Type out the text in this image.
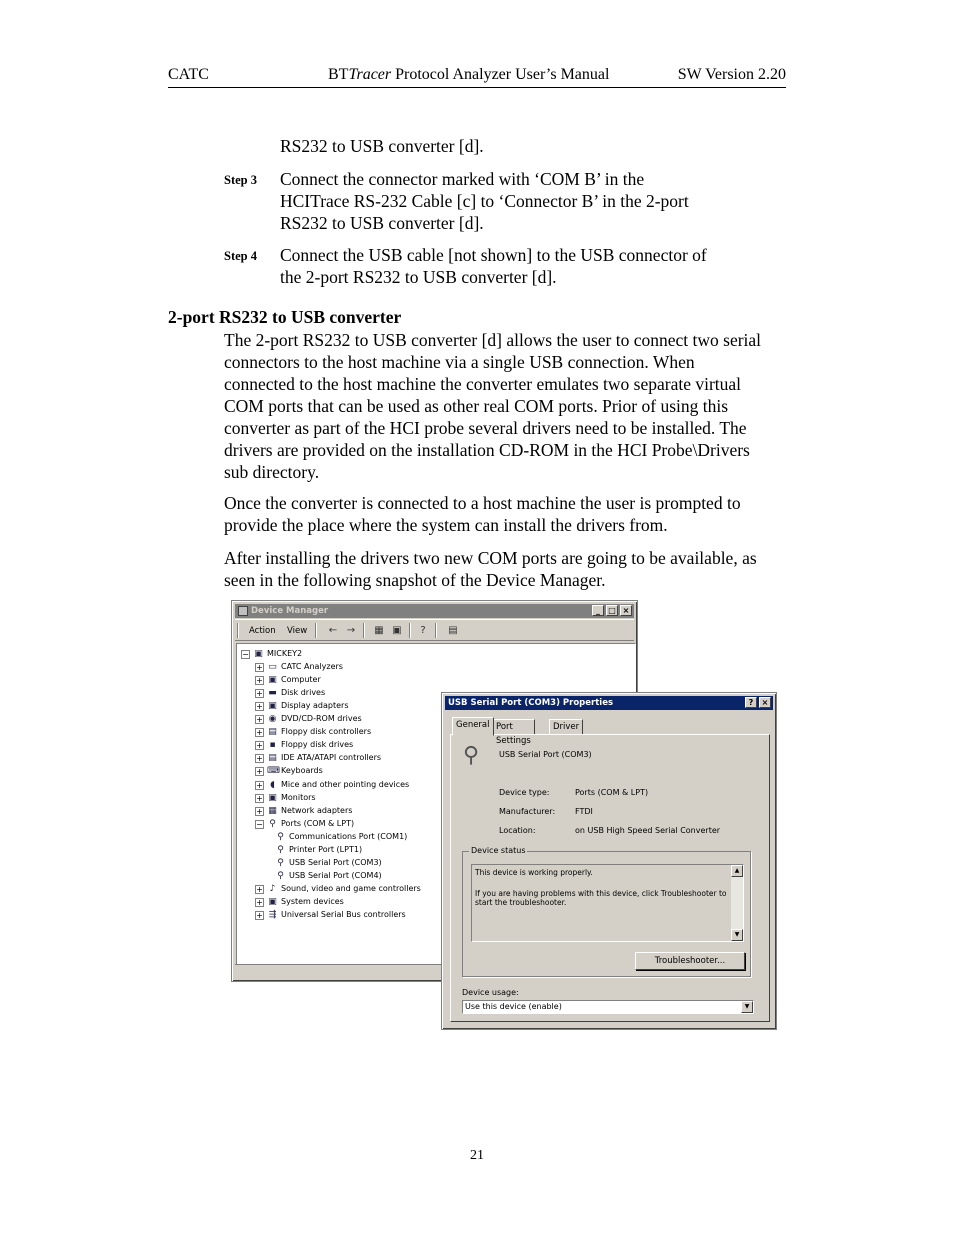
CATC	BTTracer Protocol Analyzer User’s Manual	SW Version 2.20
RS232 to USB converter [d].
Step 3 Connect the connector marked with ‘COM B’ in the
HCITrace RS-232 Cable [c] to ‘Connector B’ in the 2-port
RS232 to USB converter [d].
Step 4 Connect the USB cable [not shown] to the USB connector of
the 2-port RS232 to USB converter [d].
2-port RS232 to USB converter
The 2-port RS232 to USB converter [d] allows the user to connect two serial
connectors to the host machine via a single USB connection. When
connected to the host machine the converter emulates two separate virtual
COM ports that can be used as other real COM ports. Prior of using this
converter as part of the HCI probe several drivers need to be installed. The
drivers are provided on the installation CD-ROM in the HCI Probe\Drivers
sub directory.
Once the converter is connected to a host machine the user is prompted to
provide the place where the system can install the drivers from.
After installing the drivers two new COM ports are going to be available, as
seen in the following snapshot of the Device Manager.
Device Manager	_	□ ×
Action View ← → ▦ ▣	?	▤
− ▣ MICKEY2
+ ▭ CATC Analyzers
+ ▣ Computer
+ ▬ Disk drives
+ ▣ Display adapters
+ ◉ DVD/CD-ROM drives
+ ▤ Floppy disk controllers
+ ▪ Floppy disk drives
+ ▤ IDE ATA/ATAPI controllers
+ ⌨ Keyboards
+ ◖ Mice and other pointing devices
+ ▣ Monitors
+ ▦ Network adapters
− ⚲ Ports (COM & LPT)
⚲ Communications Port (COM1)
⚲ Printer Port (LPT1)
⚲ USB Serial Port (COM3)
⚲ USB Serial Port (COM4)
+ ♪ Sound, video and game controllers
+ ▣ System devices
+ ⇶ Universal Serial Bus controllers
USB Serial Port (COM3) Properties	?	×
General Port Settings
Driver
⚲ USB Serial Port (COM3)
Device type:	Ports (COM & LPT)
Manufacturer: FTDI
Location:	on USB High Speed Serial Converter
Device status
This device is working properly.
If you are having problems with this device, click Troubleshooter to
start the troubleshooter.
▲
▼
Troubleshooter...
Device usage:
Use this device (enable)	▼
21
